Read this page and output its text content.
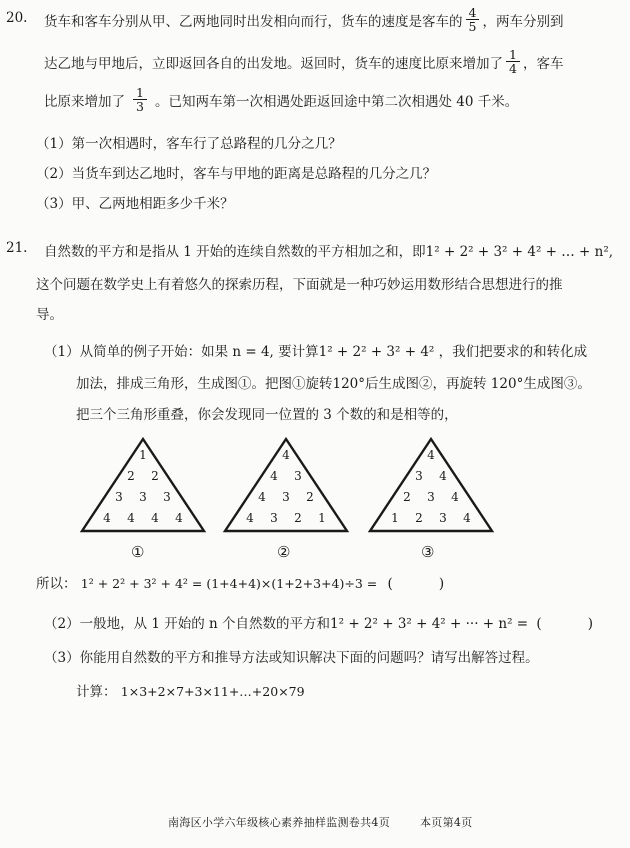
20. 货车和客车分别从甲、乙两地同时出发相向而行，货车的速度是客车的 $\frac{4}{5}$ ，两车分别到
达乙地与甲地后，立即返回各自的出发地。返回时，货车的速度比原来增加了 $\frac{1}{4}$ ，客车
比原来增加了 $\frac{1}{3}$ 。已知两车第一次相遇处距返回途中第二次相遇处 40 千米。
（1）第一次相遇时，客车行了总路程的几分之几？
（2）当货车到达乙地时，客车与甲地的距离是总路程的几分之几？
（3）甲、乙两地相距多少千米？
21. 自然数的平方和是指从 1 开始的连续自然数的平方相加之和，即1² + 2² + 3² + 4² + … + n²,
这个问题在数学史上有着悠久的探索历程，下面就是一种巧妙运用数形结合思想进行的推
导。
（1）从简单的例子开始：如果 n = 4, 要计算1² + 2² + 3² + 4² ，我们把要求的和转化成
加法，排成三角形，生成图①。把图①旋转120°后生成图②，再旋转 120°生成图③。
把三个三角形重叠，你会发现同一位置的 3 个数的和是相等的，
1
2 2
3 3 3
4 4 4 4
4
4 3
4 3 2
4 3 2 1
4
3 4
2 3 4
1 2 3 4
①	②	③
所以： 1² + 2² + 3² + 4² = (1+4+4)×(1+2+3+4)÷3 = (	)
（2）一般地，从 1 开始的 n 个自然数的平方和1² + 2² + 3² + 4² + ··· + n² = (	)
（3）你能用自然数的平方和推导方法或知识解决下面的问题吗？请写出解答过程。
计算： 1×3+2×7+3×11+…+20×79
南海区小学六年级核心素养抽样监测卷共4页	本页第4页
